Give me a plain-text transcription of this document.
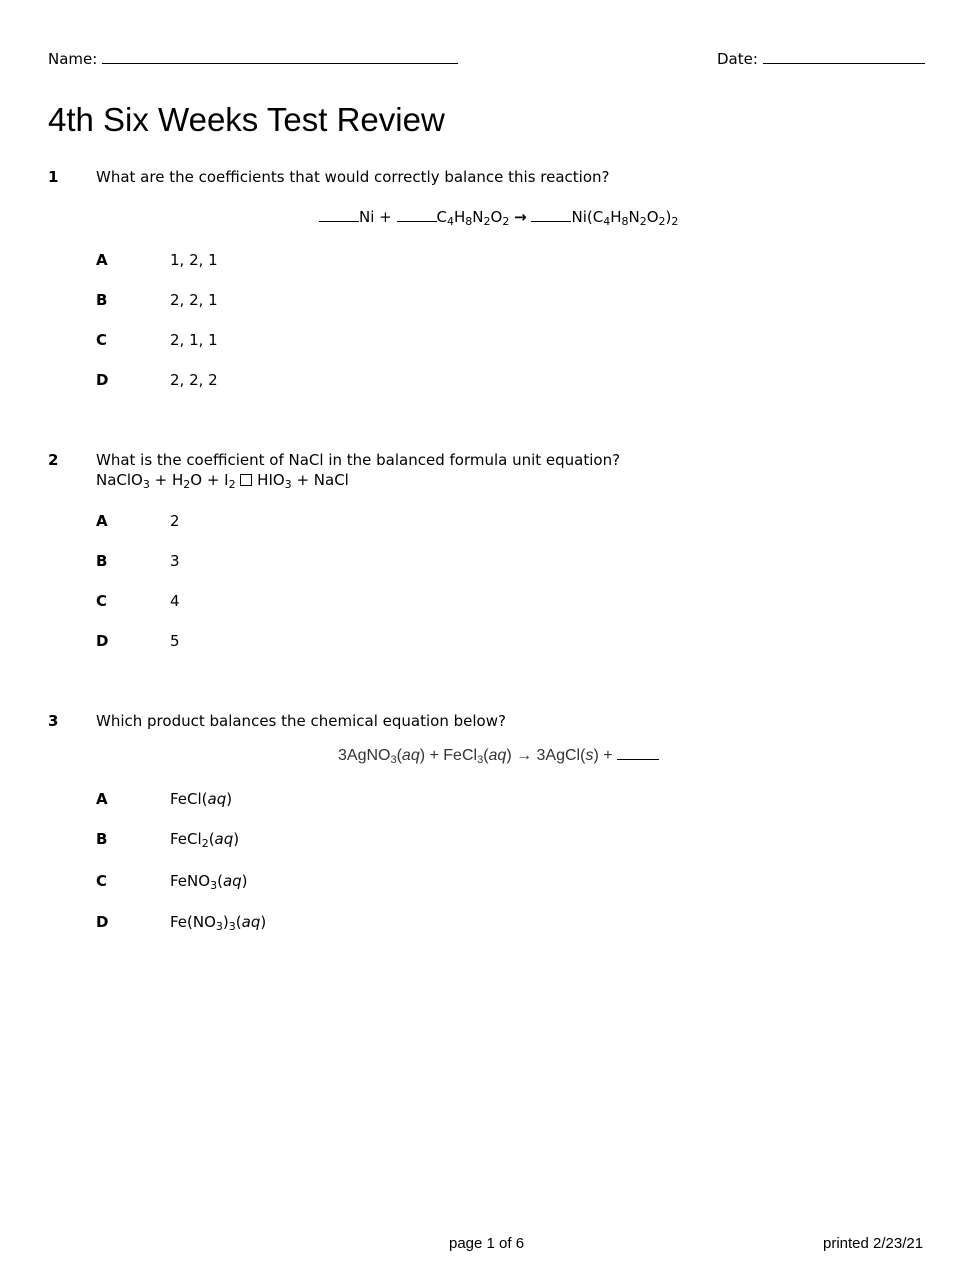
Name:	Date:
4th Six Weeks Test Review
1	What are the coefficients that would correctly balance this reaction?
Ni +	$C_4H_8N_2O_2$ →	$Ni(C_4H_8N_2O_2)_2$
A	1, 2, 1
B	2, 2, 1
C	2, 1, 1
D	2, 2, 2
2	What is the coefficient of NaCl in the balanced formula unit equation?
NaClO$_3$ + $H_2O + I_2$  $HIO_3$ + NaCl
A	2
B	3
C	4
D	5
3	Which product balances the chemical equation below?
3AgNO$_3$(aq) + FeCl$_3$(aq) → 3AgCl(s) +
A	FeCl(aq)
B	FeCl$_2$(aq)
C	FeNO$_3$(aq)
D	$Fe(NO_3)_3(aq)$
page 1 of 6	printed 2/23/21
